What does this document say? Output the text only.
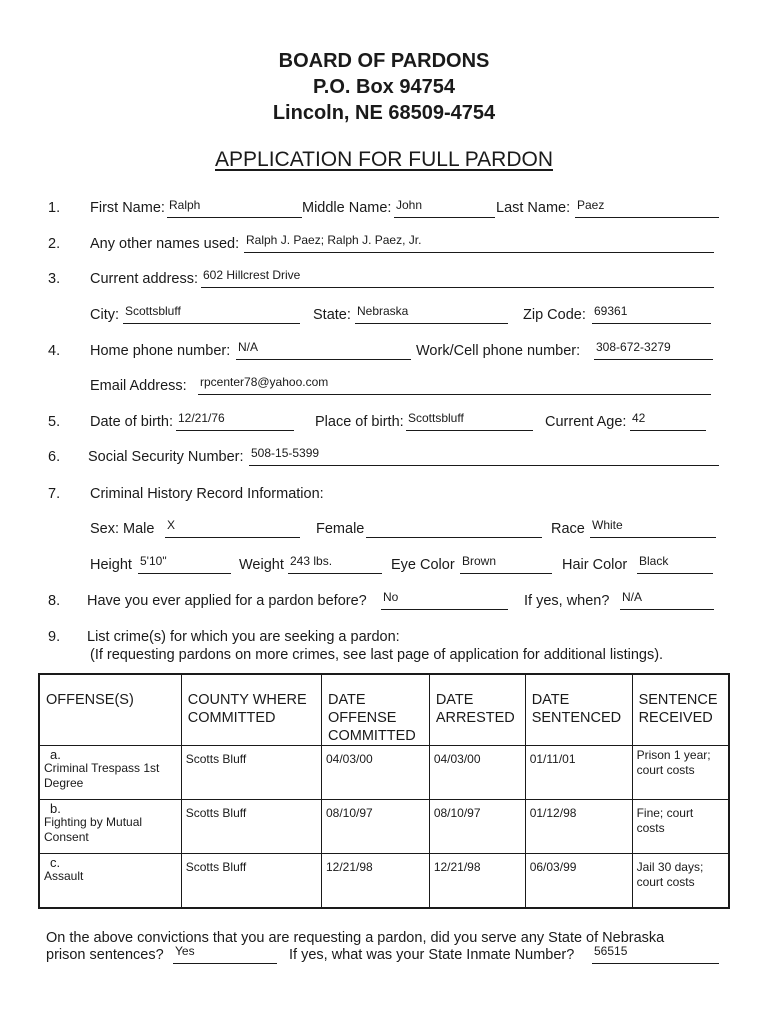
BOARD OF PARDONS
P.O. Box 94754
Lincoln, NE 68509-4754
APPLICATION FOR FULL PARDON
1. First Name: Ralph	Middle Name: John	Last Name: Paez
2. Any other names used: Ralph J. Paez; Ralph J. Paez, Jr.
3. Current address: 602 Hillcrest Drive
City: Scottsbluff	State: Nebraska	Zip Code: 69361
4. Home phone number: N/A	Work/Cell phone number: 308-672-3279
Email Address: rpcenter78@yahoo.com
5. Date of birth: 12/21/76	Place of birth: Scottsbluff	Current Age: 42
6. Social Security Number: 508-15-5399
7. Criminal History Record Information:
Sex: Male X	Female	Race White
Height 5'10"	Weight 243 lbs.	Eye Color Brown	Hair Color Black
8. Have you ever applied for a pardon before? No	If yes, when? N/A
9. List crime(s) for which you are seeking a pardon:
(If requesting pardons on more crimes, see last page of application for additional listings).
OFFENSE(S)	COUNTY WHERE COMMITTED	DATE OFFENSE COMMITTED	DATE ARRESTED	DATE SENTENCED	SENTENCE RECEIVED

a.
Criminal Trespass 1st Degree	Scotts Bluff	04/03/00	04/03/00	01/11/01	Prison 1 year; court costs

b.
Fighting by Mutual Consent	Scotts Bluff	08/10/97	08/10/97	01/12/98	Fine; court costs

c.
Assault	Scotts Bluff	12/21/98	12/21/98	06/03/99	Jail 30 days; court costs
On the above convictions that you are requesting a pardon, did you serve any State of Nebraska
prison sentences? Yes	If yes, what was your State Inmate Number? 56515
